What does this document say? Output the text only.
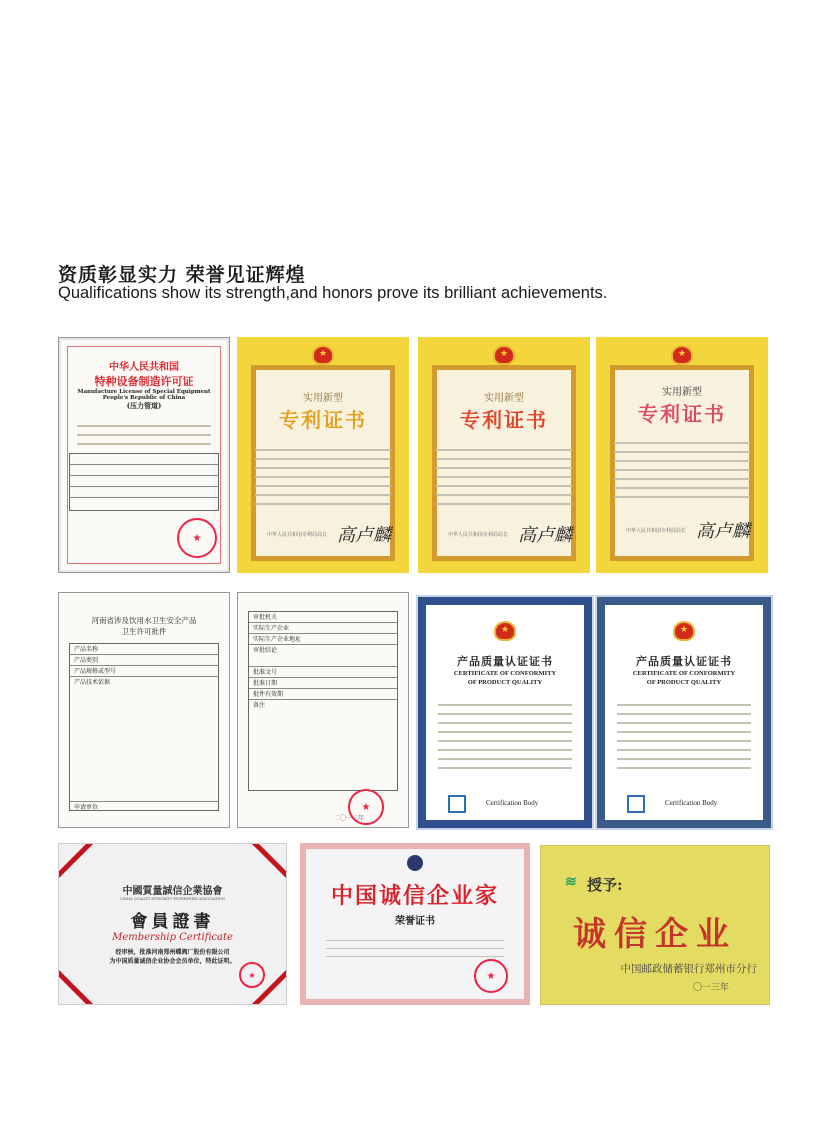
资质彰显实力 荣誉见证辉煌
Qualifications show its strength,and honors prove its brilliant achievements.
中华人民共和国
特种设备制造许可证
Manufacture License of Special Equipment
People's Republic of China
(压力管道)
★
★
实用新型
专利证书
中华人民共和国专利局局长 高卢麟
★
实用新型
专利证书
中华人民共和国专利局局长 高卢麟
★
实用新型
专利证书
中华人民共和国专利局局长 高卢麟
河南省涉及饮用水卫生安全产品
卫生许可批件
产品名称
产品类别
产品规格或型号
产品技术依据
申请单位
审批机关
实际生产企业
实际生产企业地址
审批结论
批准文号
批准日期
批件有效期
备注
★
二〇一三年
★
产品质量认证证书
CERTIFICATE OF CONFORMITY
OF PRODUCT QUALITY
Certification Body
★
产品质量认证证书
CERTIFICATE OF CONFORMITY
OF PRODUCT QUALITY
Certification Body
中國質量誠信企業協會
CHINA QUALITY INTEGRITY ENTERPRISE ASSOCIATION
會員證書
Membership Certificate
经审核，批准河南郑州蝶阀厂股份有限公司
为中国质量诚信企业协会会员单位，特此证明。
★
中国诚信企业家
荣誉证书
★
≋ 授予:
诚信企业
中国邮政储蓄银行郑州市分行
〇一三年
